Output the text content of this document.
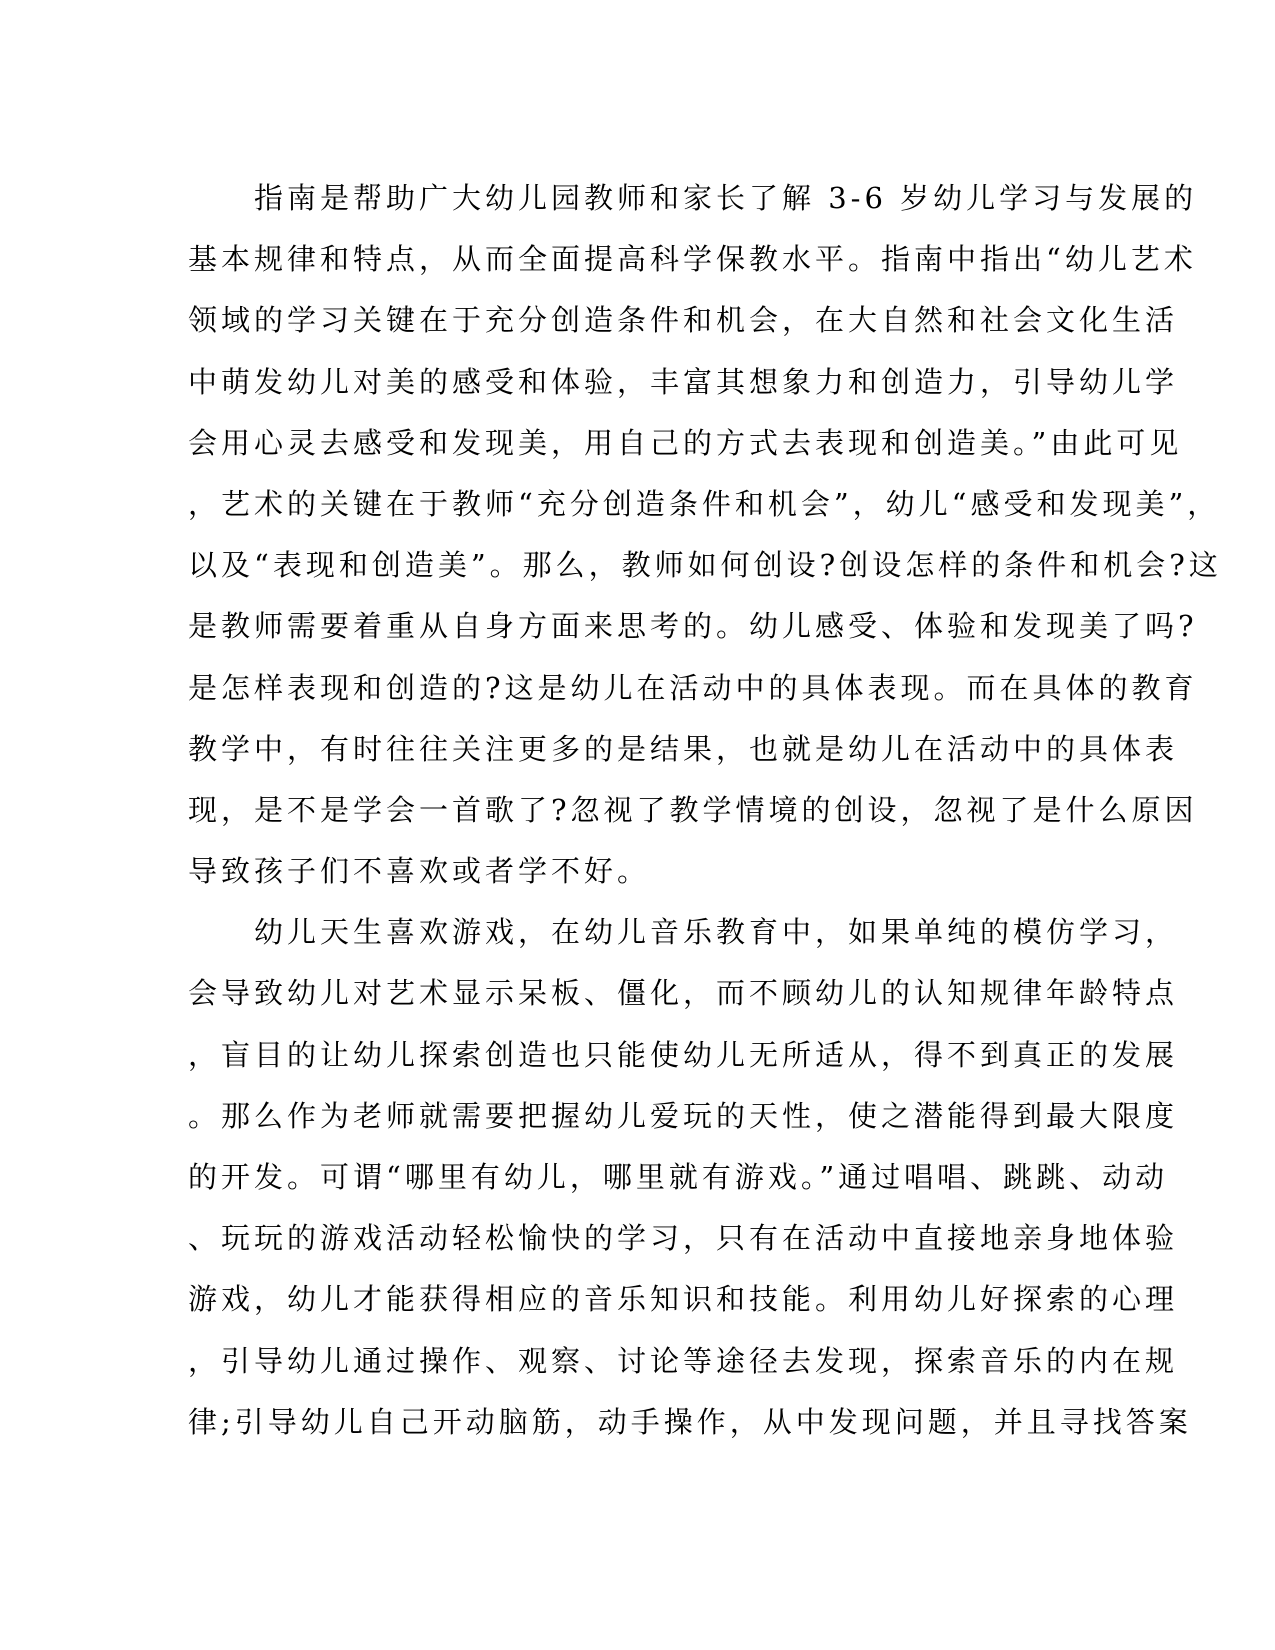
指南是帮助广大幼儿园教师和家长了解 3-6 岁幼儿学习与发展的
基本规律和特点，从而全面提高科学保教水平。指南中指出“幼儿艺术
领域的学习关键在于充分创造条件和机会，在大自然和社会文化生活
中萌发幼儿对美的感受和体验，丰富其想象力和创造力，引导幼儿学
会用心灵去感受和发现美，用自己的方式去表现和创造美。”由此可见
，艺术的关键在于教师“充分创造条件和机会”，幼儿“感受和发现美”，
以及“表现和创造美”。那么，教师如何创设?创设怎样的条件和机会?这
是教师需要着重从自身方面来思考的。幼儿感受、体验和发现美了吗?
是怎样表现和创造的?这是幼儿在活动中的具体表现。而在具体的教育
教学中，有时往往关注更多的是结果，也就是幼儿在活动中的具体表
现，是不是学会一首歌了?忽视了教学情境的创设，忽视了是什么原因
导致孩子们不喜欢或者学不好。
幼儿天生喜欢游戏，在幼儿音乐教育中，如果单纯的模仿学习，
会导致幼儿对艺术显示呆板、僵化，而不顾幼儿的认知规律年龄特点
，盲目的让幼儿探索创造也只能使幼儿无所适从，得不到真正的发展
。那么作为老师就需要把握幼儿爱玩的天性，使之潜能得到最大限度
的开发。可谓“哪里有幼儿，哪里就有游戏。”通过唱唱、跳跳、动动
、玩玩的游戏活动轻松愉快的学习，只有在活动中直接地亲身地体验
游戏，幼儿才能获得相应的音乐知识和技能。利用幼儿好探索的心理
，引导幼儿通过操作、观察、讨论等途径去发现，探索音乐的内在规
律;引导幼儿自己开动脑筋，动手操作，从中发现问题，并且寻找答案
